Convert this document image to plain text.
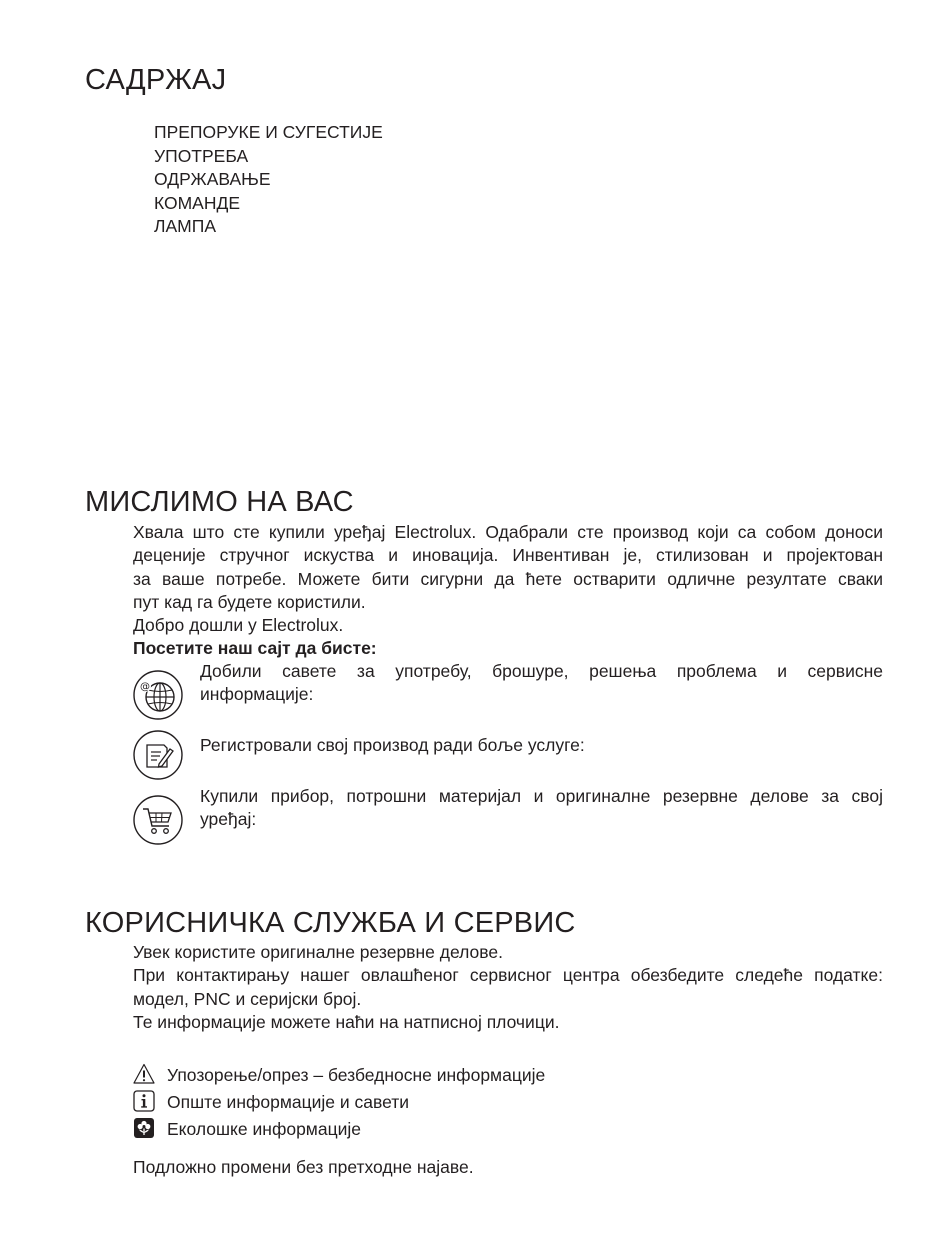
САДРЖАЈ
ПРЕПОРУКЕ И СУГЕСТИЈЕ
УПОТРЕБА
ОДРЖАВАЊЕ
КОМАНДЕ
ЛАМПА
МИСЛИМО НА ВАС
Хвала што сте купили уређај Electrolux. Одабрали сте производ који са собом доноси
деценије стручног искуства и иновација. Инвентиван је, стилизован и пројектован
за ваше потребе. Можете бити сигурни да ћете остварити одличне резултате сваки
пут кад га будете користили.
Добро дошли у Electrolux.
Посетите наш сајт да бисте:
@
Добили савете за употребу, брошуре, решења проблема и сервисне
информације:
Регистровали свој производ ради боље услуге:
Купили прибор, потрошни материјал и оригиналне резервне делове за свој
уређај:
КОРИСНИЧКА СЛУЖБА И СЕРВИС
Увек користите оригиналне резервне делове.
При контактирању нашег овлашћеног сервисног центра обезбедите следеће податке:
модел, PNC и серијски број.
Те информације можете наћи на натписној плочици.
Упозорење/опрез – безбедносне информације
Опште информације и савети
Еколошке информације
Подложно промени без претходне најаве.
